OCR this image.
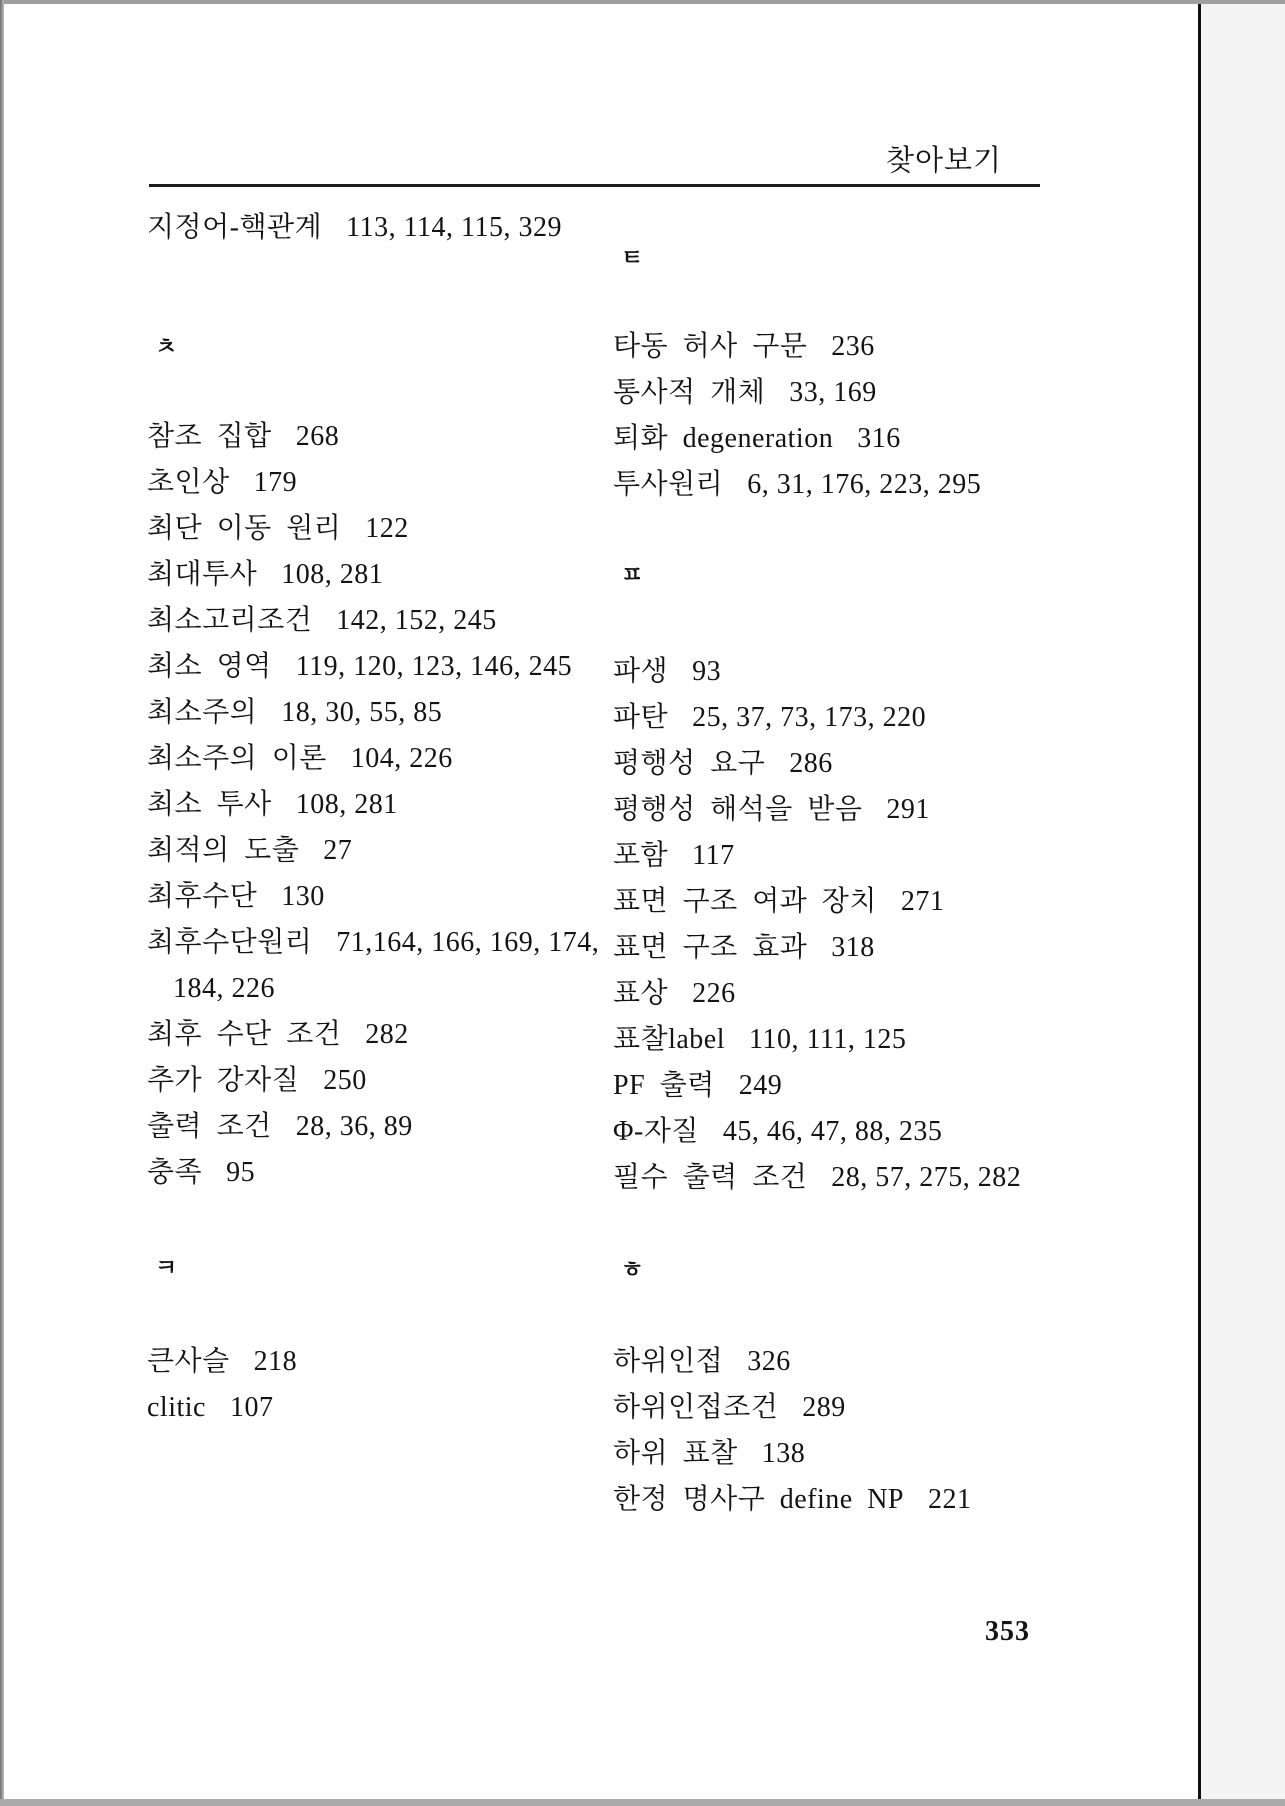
찾아보기
지정어-핵관계 113, 114, 115, 329
ㅊ
참조 집합 268
초인상 179
최단 이동 원리 122
최대투사 108, 281
최소고리조건 142, 152, 245
최소 영역 119, 120, 123, 146, 245
최소주의 18, 30, 55, 85
최소주의 이론 104, 226
최소 투사 108, 281
최적의 도출 27
최후수단 130
최후수단원리 71,164, 166, 169, 174,
184, 226
최후 수단 조건 282
추가 강자질 250
출력 조건 28, 36, 89
충족 95
ㅋ
큰사슬 218
clitic 107
ㅌ
타동 허사 구문 236
통사적 개체 33, 169
퇴화 degeneration 316
투사원리 6, 31, 176, 223, 295
ㅍ
파생 93
파탄 25, 37, 73, 173, 220
평행성 요구 286
평행성 해석을 받음 291
포함 117
표면 구조 여과 장치 271
표면 구조 효과 318
표상 226
표찰label 110, 111, 125
PF 출력 249
Φ-자질 45, 46, 47, 88, 235
필수 출력 조건 28, 57, 275, 282
ㅎ
하위인접 326
하위인접조건 289
하위 표찰 138
한정 명사구 define NP 221
353
